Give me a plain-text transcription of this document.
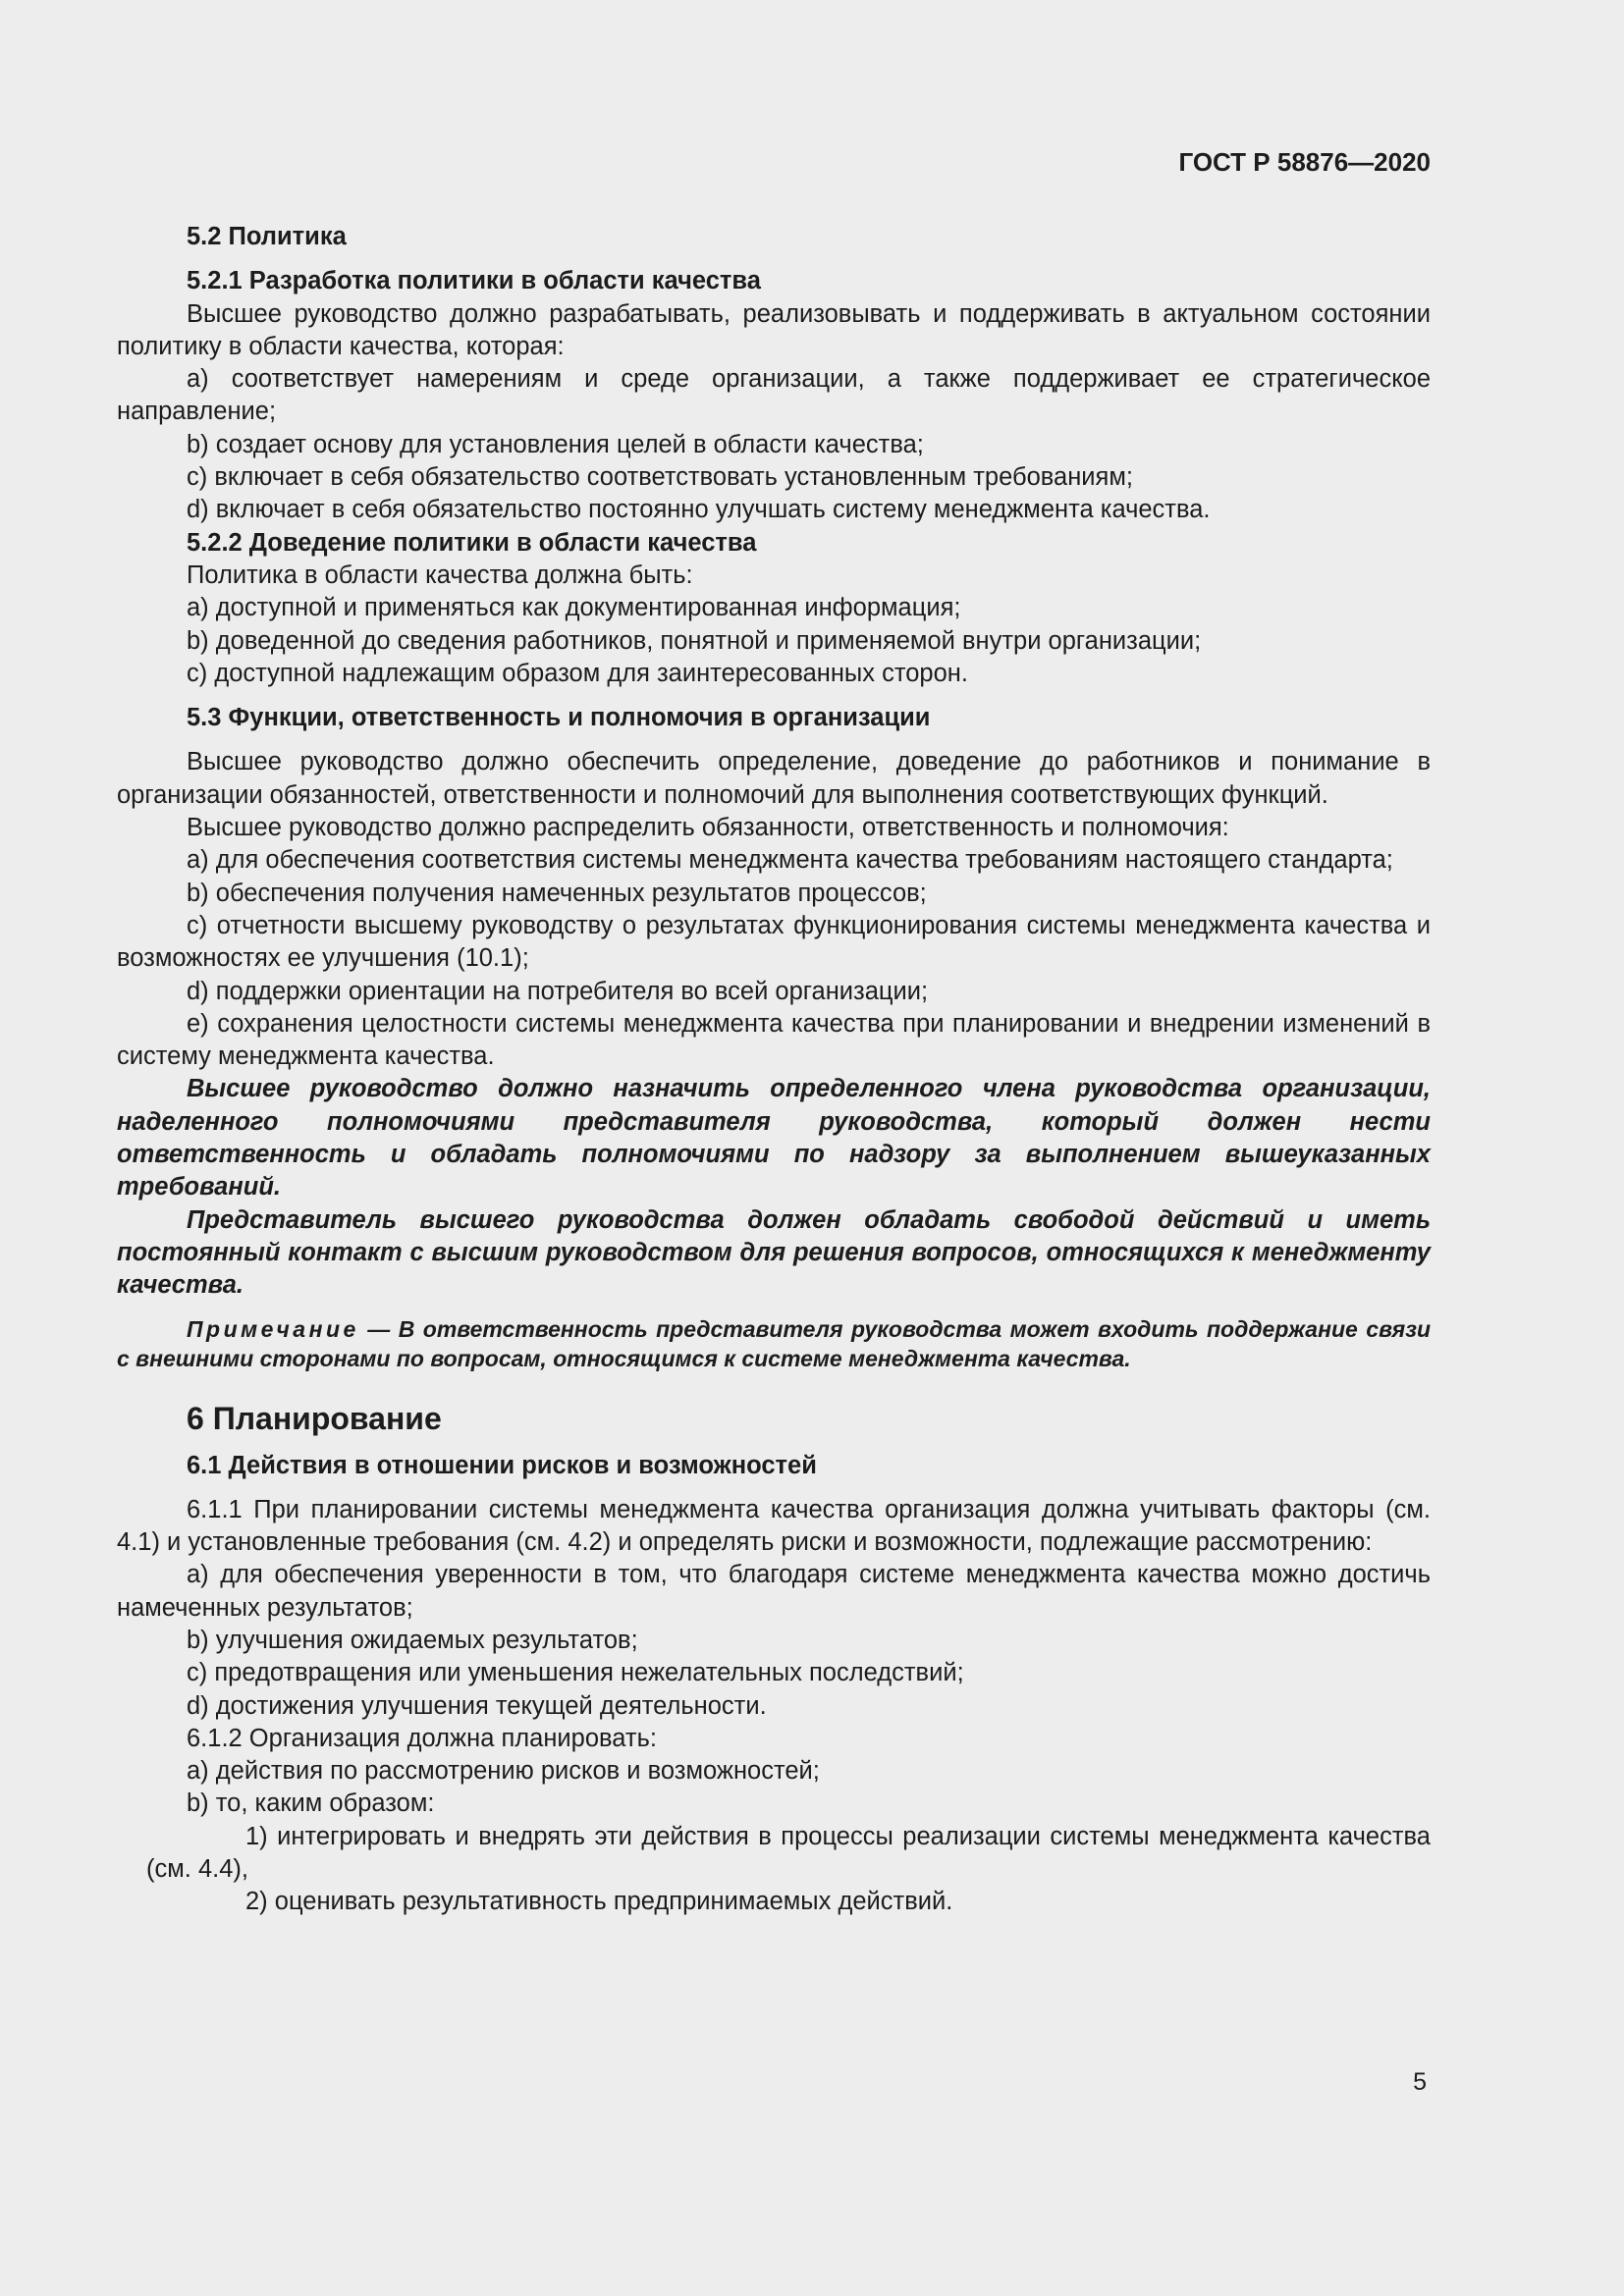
ГОСТ Р 58876—2020

5.2 Политика
5.2.1 Разработка политики в области качества

Высшее руководство должно разрабатывать, реализовывать и поддерживать в актуальном состоянии политику в области качества, которая:

a) соответствует намерениям и среде организации, а также поддерживает ее стратегическое направление;

b) создает основу для установления целей в области качества;

c) включает в себя обязательство соответствовать установленным требованиям;

d) включает в себя обязательство постоянно улучшать систему менеджмента качества.

5.2.2 Доведение политики в области качества

Политика в области качества должна быть:

a) доступной и применяться как документированная информация;

b) доведенной до сведения работников, понятной и применяемой внутри организации;

c) доступной надлежащим образом для заинтересованных сторон.

5.3 Функции, ответственность и полномочия в организации

Высшее руководство должно обеспечить определение, доведение до работников и понимание в организации обязанностей, ответственности и полномочий для выполнения соответствующих функций.

Высшее руководство должно распределить обязанности, ответственность и полномочия:

a) для обеспечения соответствия системы менеджмента качества требованиям настоящего стандарта;

b) обеспечения получения намеченных результатов процессов;

c) отчетности высшему руководству о результатах функционирования системы менеджмента качества и возможностях ее улучшения (10.1);

d) поддержки ориентации на потребителя во всей организации;

e) сохранения целостности системы менеджмента качества при планировании и внедрении изменений в систему менеджмента качества.

Высшее руководство должно назначить определенного члена руководства организации, наделенного полномочиями представителя руководства, который должен нести ответственность и обладать полномочиями по надзору за выполнением вышеуказанных требований.

Представитель высшего руководства должен обладать свободой действий и иметь постоянный контакт с высшим руководством для решения вопросов, относящихся к менеджменту качества.

Примечание — В ответственность представителя руководства может входить поддержание связи с внешними сторонами по вопросам, относящимся к системе менеджмента качества.

6 Планирование
6.1 Действия в отношении рисков и возможностей

6.1.1 При планировании системы менеджмента качества организация должна учитывать факторы (см. 4.1) и установленные требования (см. 4.2) и определять риски и возможности, подлежащие рассмотрению:

a) для обеспечения уверенности в том, что благодаря системе менеджмента качества можно достичь намеченных результатов;

b) улучшения ожидаемых результатов;

c) предотвращения или уменьшения нежелательных последствий;

d) достижения улучшения текущей деятельности.

6.1.2 Организация должна планировать:

a) действия по рассмотрению рисков и возможностей;

b) то, каким образом:

1) интегрировать и внедрять эти действия в процессы реализации системы менеджмента качества (см. 4.4),

2) оценивать результативность предпринимаемых действий.

5
